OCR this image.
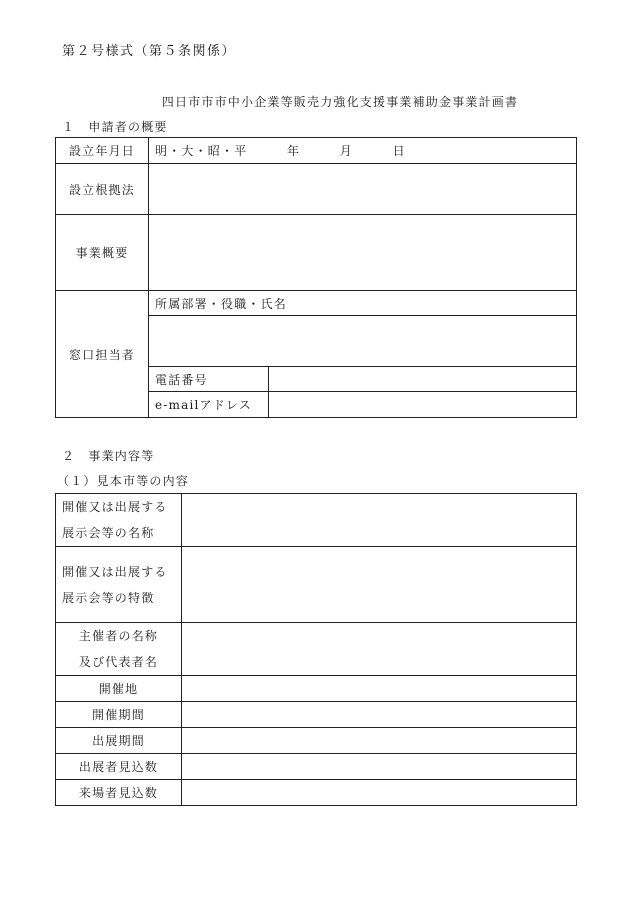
第２号様式（第５条関係）
四日市市市中小企業等販売力強化支援事業補助金事業計画書
１　申請者の概要
設立年月日	明・大・昭・平　　　年　　　月　　　日	
設立根拠法		
事業概要		
窓口担当者	所属部署・役職・氏名	

	電話番号	
	e-mailアドレス	
２　事業内容等
（１）見本市等の内容
開催又は出展する
展示会等の名称	

開催又は出展する
展示会等の特徴	

主催者の名称
及び代表者名	

開催地	
開催期間	
出展期間	
出展者見込数	
来場者見込数	
